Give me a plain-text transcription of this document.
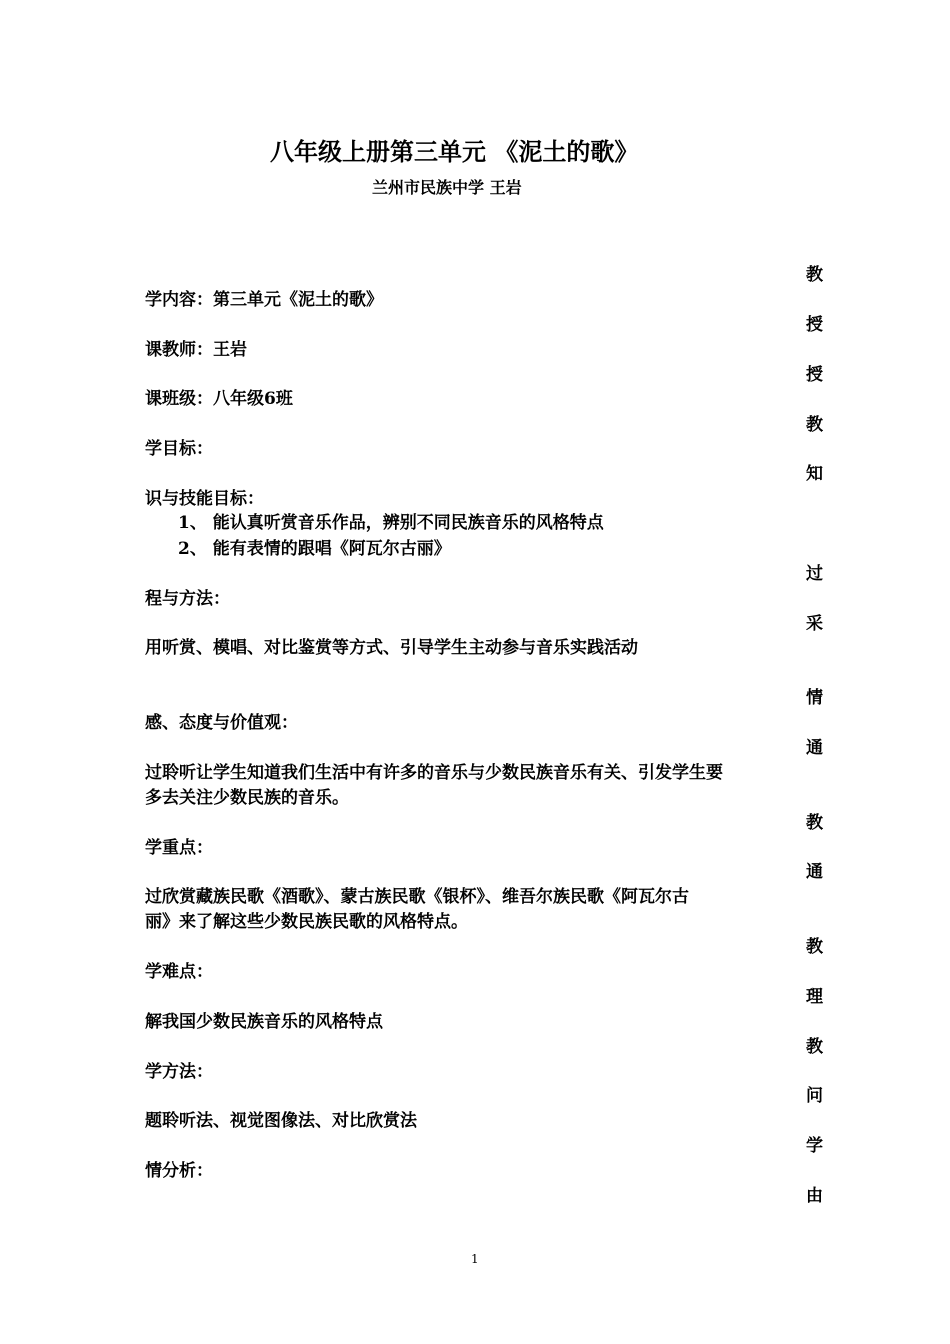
八年级上册第三单元 《泥土的歌》
兰州市民族中学 王岩
学内容：第三单元《泥土的歌》
课教师：王岩
课班级：八年级6班
学目标：
识与技能目标：
1、 能认真听赏音乐作品，辨别不同民族音乐的风格特点
2、 能有表情的跟唱《阿瓦尔古丽》
程与方法：
用听赏、模唱、对比鉴赏等方式、引导学生主动参与音乐实践活动
感、态度与价值观：
过聆听让学生知道我们生活中有许多的音乐与少数民族音乐有关、引发学生要
多去关注少数民族的音乐。
学重点：
过欣赏藏族民歌《酒歌》、蒙古族民歌《银杯》、维吾尔族民歌《阿瓦尔古
丽》来了解这些少数民族民歌的风格特点。
学难点：
解我国少数民族音乐的风格特点
学方法：
题聆听法、视觉图像法、对比欣赏法
情分析：
教
授
授
教
知
过
采
情
通
教
通
教
理
教
问
学
由
1
